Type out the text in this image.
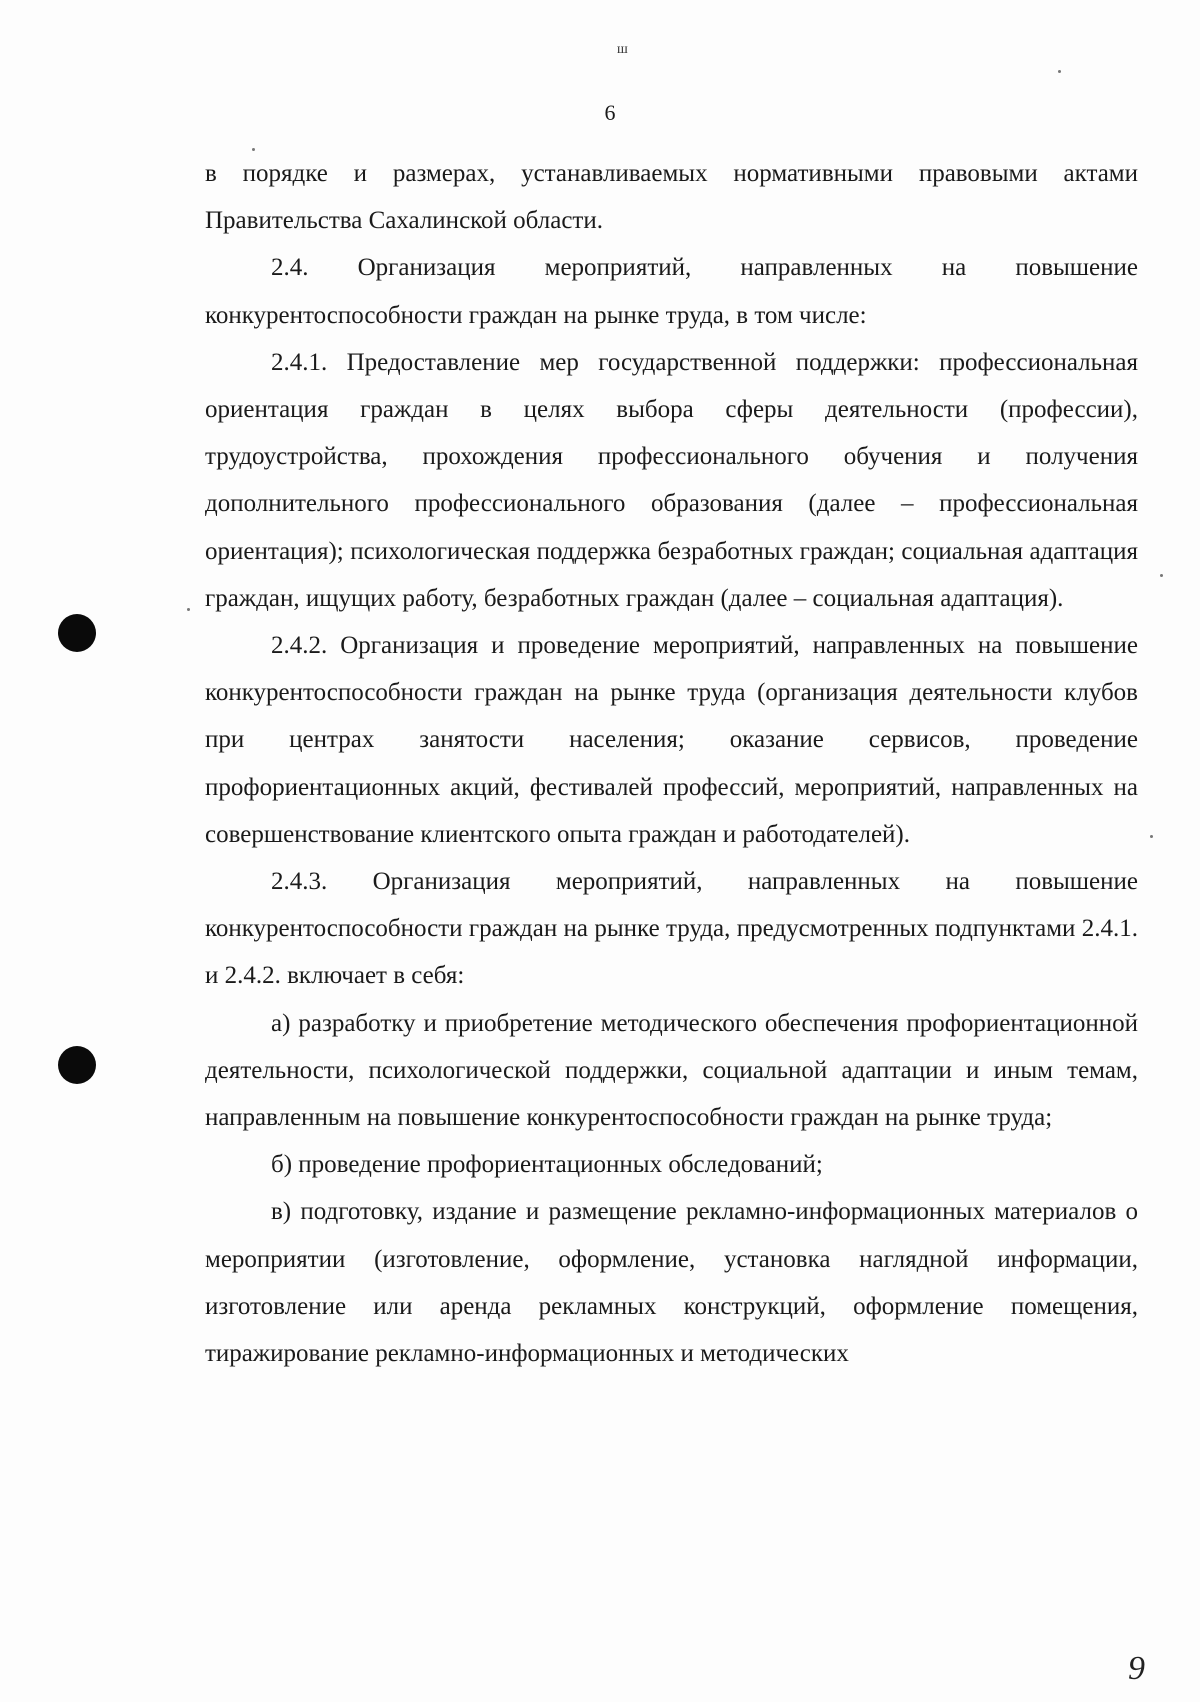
ш
6

в порядке и размерах, устанавливаемых нормативными правовыми актами Правительства Сахалинской области.

2.4. Организация мероприятий, направленных на повышение конкурентоспособности граждан на рынке труда, в том числе:

2.4.1. Предоставление мер государственной поддержки: профессиональная ориентация граждан в целях выбора сферы деятельности (профессии), трудоустройства, прохождения профессионального обучения и получения дополнительного профессионального образования (далее – профессиональная ориентация); психологическая поддержка безработных граждан; социальная адаптация граждан, ищущих работу, безработных граждан (далее – социальная адаптация).

2.4.2. Организация и проведение мероприятий, направленных на повышение конкурентоспособности граждан на рынке труда (организация деятельности клубов при центрах занятости населения; оказание сервисов, проведение профориентационных акций, фестивалей профессий, мероприятий, направленных на совершенствование клиентского опыта граждан и работодателей).

2.4.3. Организация мероприятий, направленных на повышение конкурентоспособности граждан на рынке труда, предусмотренных подпунктами 2.4.1. и 2.4.2. включает в себя:

а) разработку и приобретение методического обеспечения профориентационной деятельности, психологической поддержки, социальной адаптации и иным темам, направленным на повышение конкурентоспособности граждан на рынке труда;

б) проведение профориентационных обследований;

в) подготовку, издание и размещение рекламно-информационных материалов о мероприятии (изготовление, оформление, установка наглядной информации, изготовление или аренда рекламных конструкций, оформление помещения, тиражирование рекламно-информационных и методических

9
